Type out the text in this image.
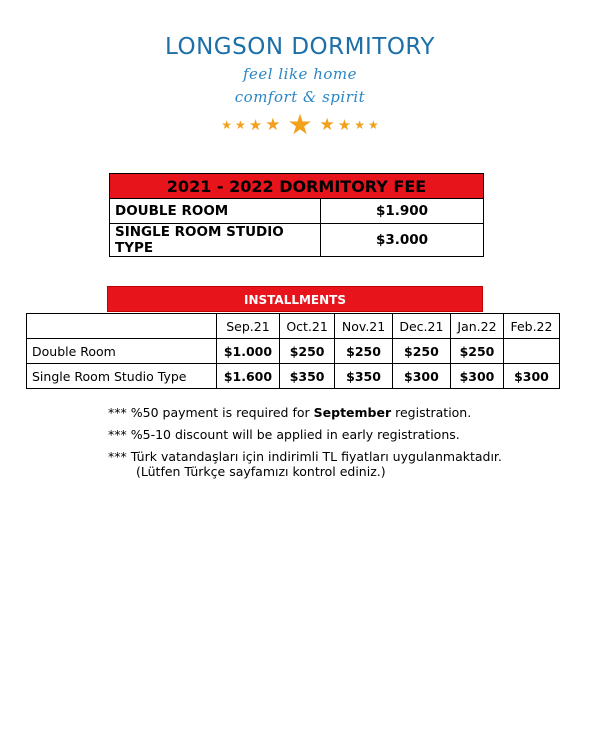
LONGSON DORMITORY
feel like home
comfort & spirit
★ ★ ★ ★ ★ ★ ★ ★ ★
2021 - 2022 DORMITORY FEE	
DOUBLE ROOM	$1.900
SINGLE ROOM STUDIO TYPE	$3.000
INSTALLMENTS
	Sep.21	Oct.21	Nov.21	Dec.21	Jan.22	Feb.22
Double Room	$1.000	$250	$250	$250	$250	
Single Room Studio Type	$1.600	$350	$350	$300	$300	$300

*** %50 payment is required for September registration.

*** %5-10 discount will be applied in early registrations.

*** Türk vatandaşları için indirimli TL fiyatları uygulanmaktadır.

(Lütfen Türkçe sayfamızı kontrol ediniz.)
